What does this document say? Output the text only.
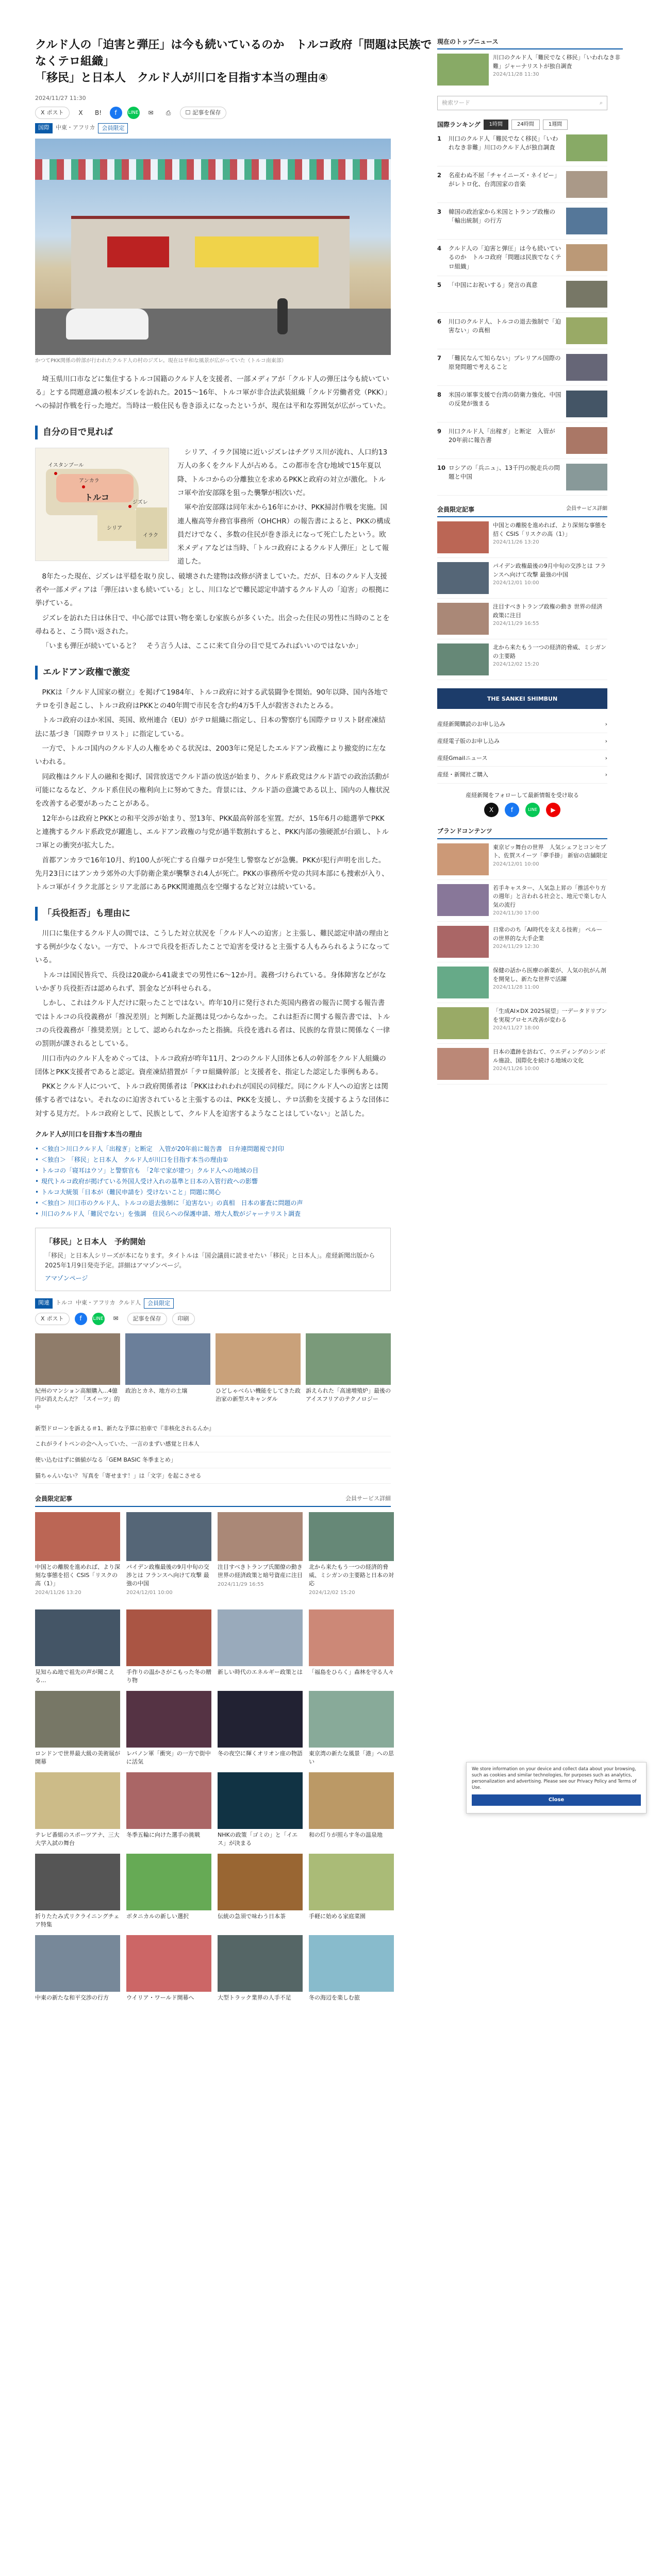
クルド人の「迫害と弾圧」は今も続いているのか　トルコ政府「問題は民族でなくテロ組織」
「移民」と日本人　クルド人が川口を目指す本当の理由④
2024/11/27 11:30
X ポスト	X	B!	f	LINE	✉	⎙	☐ 記事を保存
国際	中東・アフリカ	会員限定
かつてPKK関係の幹部が行われたクルド人の村のジズレ。現在は平和な風景が広がっていた（トルコ南東部）

埼玉県川口市などに集住するトルコ国籍のクルド人を支援者、一部メディアが「クルド人の弾圧は今も続いている」とする問題意識の根本ジズレを訪れた。2015〜16年、トルコ軍が非合法武装組織「クルド労働者党（PKK）」への掃討作戦を行った地だ。当時は一般住民も巻き添えになったというが、現在は平和な雰囲気が広がっていた。

自分の目で見れば
イスタンブール
アンカラ
トルコ
ジズレ
シリア
イラク

シリア、イラク国境に近いジズレはチグリス川が流れ、人口約13万人の多くをクルド人が占める。この都市を含む地域で15年夏以降、トルコからの分離独立を求めるPKKと政府の対立が激化。トルコ軍や治安部隊を狙った襲撃が相次いだ。

軍や治安部隊は同年末から16年にかけ、PKK掃討作戦を実施。国連人権高等弁務官事務所（OHCHR）の報告書によると、PKKの構成員だけでなく、多数の住民が巻き添えになって死亡したという。欧米メディアなどは当時、「トルコ政府によるクルド人弾圧」として報道した。

8年たった現在、ジズレは平穏を取り戻し、破壊された建物は改修が済ましていた。だが、日本のクルド人支援者や一部メディアは「弾圧はいまも続いている」とし、川口などで難民認定申請するクルド人の「迫害」の根拠に挙げている。

ジズレを訪れた日は休日で、中心部では買い物を楽しむ家族らが多くいた。出会った住民の男性に当時のことを尋ねると、こう問い返された。

「いまも弾圧が続いていると？　そう言う人は、ここに来て自分の目で見てみればいいのではないか」

エルドアン政権で激変

PKKは「クルド人国家の樹立」を掲げて1984年、トルコ政府に対する武装闘争を開始。90年以降、国内各地でテロを引き起こし、トルコ政府はPKKとの40年間で市民を含む約4万5千人が殺害されたとみる。

トルコ政府のほか米国、英国、欧州連合（EU）がテロ組織に指定し、日本の警察庁も国際テロリスト財産凍結法に基づき「国際テロリスト」に指定している。

一方で、トルコ国内のクルド人の人権をめぐる状況は、2003年に発足したエルドアン政権により撤変的に左ないわれる。

同政権はクルド人の融和を掲げ、国営放送でクルド語の放送が始まり、クルド系政党はクルド語での政治活動が可能になるなど、クルド系住民の権利向上に努めてきた。背景には、クルド語の意識である以上、国内の人権状況を改善する必要があったことがある。

12年からは政府とPKKとの和平交渉が始まり、翌13年、PKK最高幹部を室置。だが、15年6月の総選挙でPKKと連携するクルド系政党が躍進し、エルドアン政権の与党が過半数割れすると、PKK内部の強硬派が台頭し、トルコ軍との衝突が拡大した。

首都アンカラで16年10月、約100人が死亡する自爆テロが発生し警察などが急襲。PKKが犯行声明を出した。先月23日にはアンカラ郊外の大手防衛企業が襲撃され4人が死亡。PKKの事務所や党の共同本部にも捜索が入り、トルコ軍がイラク北部とシリア北部にあるPKK関連拠点を空爆するなど対立は続いている。

「兵役拒否」も理由に

川口に集住するクルド人の間では、こうした対立状況を「クルド人への迫害」と主張し、難民認定申請の理由とする例が少なくない。一方で、トルコで兵役を拒否したことで迫害を受けると主張する人もみられるようになっている。

トルコは国民皆兵で、兵役は20歳から41歳までの男性に6〜12か月。義務づけられている。身体障害などがないかぎり兵役拒否は認められず、罰金などが科せられる。

しかし、これはクルド人だけに限ったことではない。昨年10月に発行された英国内務省の報告に関する報告書ではトルコの兵役義務が「推況差別」と判断した証拠は見つからなかった。これは拒否に関する報告書では、トルコの兵役義務が「推奨差別」として、認められなかったと指摘。兵役を逃れる者は、民族的な背景に関係なく一律の罰則が課されるとしている。

川口市内のクルド人をめぐっては、トルコ政府が昨年11月、2つのクルド人団体と6人の幹部をクルド人組織の団体とPKK支援者であると認定。資産凍結措置が「テロ組織幹部」と支援者を、指定した認定した事例もある。

PKKとクルド人について、トルコ政府関係者は「PKKはわれわれが国民の同様だ。同にクルド人への迫害とは関係する者ではない。それなのに迫害されていると主張するのは、PKKを支援し、テロ活動を支援するような団体に対する見方だ。トルコ政府として、民族として、クルド人を迫害するようなことはしていない」と話した。

クルド人が川口を目指す本当の理由
• ＜独自＞川口クルド人「出稼ぎ」と断定　入管が20年前に報告書　日弁連問題視で封印
• ＜独自＞ 「移民」と日本人　クルド人が川口を目指す本当の理由①
• トルコの「寝耳はウソ」と警察官も　「2年で家が建つ」クルド人への地域の目
• 現代トルコ政府が掲げている外国人受け入れの基準と日本の入管行政への影響
• トルコ大統領「日本が（難民申請を）受けないこと」問題に関心
• ＜独自＞ 川口市のクルド人、トルコの退去強制に「迫害ない」の真相　日本の審査に問題の声
• 川口のクルド人「難民でない」を強調　住民らへの保護申請、増大人数がジャーナリスト調査
「移民」と日本人　予約開始

「移民」と日本人シリーズが本になります。タイトルは「国会議員に読ませたい「移民」と日本人」。産経新聞出版から2025年1月9日発売予定。詳細はアマゾンページ。

アマゾンページ

関連	トルコ 中東・アフリカ クルド人	会員限定
X ポスト	f	LINE	✉	記事を保存	印刷
紀州のマンション高額購入...4億円が消えたんだ？「スイーツ」的中
政治とカネ、地方の土壌	ひどしゃべらい機能をしてきた政治家の新型スキャンダル
訴えられた「高速増殖炉」最後のアイスフリアのテクノロジー
新型ドローンを訴える＃1、新たな予算に拍車で『非核化されるんか』
これがライトペンの会へ入っていた、一言のまずい感覚と日本人
使い込むはずに価値がなる「GEM BASIC 冬季まとめ」
猫ちゃんいない？ 写真を「寄せます！」は「文字」を起こさせる
会員限定記事	会員サービス詳細
中国との離脱を進めれば、より深刻な事態を招く CSIS「リスクの高（1）」
2024/11/26 13:20
パイデン政権最後の9月中旬の交渉とは フランスへ向けて攻撃 最強の中国
2024/12/01 10:00
注目すべきトランプ氏閣僚の動き 世界の経済政策と暗号資産に注目
2024/11/29 16:55
北から来たもう一つの経済的脅威、ミシガンの主要路と日本の対応
2024/12/02 15:20
見知らぬ地で祖先の声が聞こえる...
手作りの温かさがこもった冬の贈り物
新しい時代のエネルギー政策とは 「福島をひらく」森林を守る人々
ロンドンで世界最大級の美術展が開幕
レバノン軍「衝突」の一方で街中に活気
冬の夜空に輝くオリオン座の物語 東京湾の新たな風景「港」への思い
テレビ番組のスポーツアナ、三大大学入試の舞台
冬季五輪に向けた選手の挑戦	NHKの政策「ゴミの」と「イエス」が決まる
和の灯りが照らす冬の温泉地
折りたたみ式リクライニングチェア特集
ボタニカルの新しい選択	伝統の急須で味わう日本茶	手軽に始める家庭菜園
中東の新たな和平交渉の行方	ウイリア・ワールド開幕へ	大型トラック業界の人手不足	冬の海辺を楽しむ旅
現在のトップニュース
川口のクルド人「難民でなく移民」「いわれなき非難」ジャーナリストが独自調査
2024/11/28 11:30
検索ワード	⌕
国際ランキング	1時間	24時間	1週間
1	川口のクルド人「難民でなく移民」「いわれなき非難」川口のクルド人が独自調査
2	名産わぬ不屈「チャイニーズ・ネイビー」がレトロ化、台湾国家の音楽
3	韓国の政治家から米国とトランプ政権の「輸出統制」の行方
4	クルド人の「迫害と弾圧」は今も続いているのか　トルコ政府「問題は民族でなくテロ組織」
5	「中国にお祝いする」発言の真意
6	川口のクルド人、トルコの退去強制で「迫害ない」の真相
7	「難民なんて知らない」プレリアル国際の原発問題で考えること
8	米国の軍事支援で台湾の防衛力強化、中国の反発が強まる
9	川口クルド人「出稼ぎ」と断定　入管が20年前に報告書
10 ロシアの「兵ニュ」、13千円の脱走兵の問題と中国
会員限定記事	会員サービス詳細
中国との離脱を進めれば、より深刻な事態を招く CSIS「リスクの高（1）」
2024/11/26 13:20
パイデン政権最後の9月中旬の交渉とは フランスへ向けて攻撃 最強の中国
2024/12/01 10:00
注目すべきトランプ政権の動き 世界の経済政策に注目
2024/11/29 16:55
北から来たもう一つの経済的脅威、ミシガンの主要路
2024/12/02 15:20
THE SANKEI SHIMBUN
産経新聞購読のお申し込み	›
産経電子版のお申し込み	›
産経Gmailニュース	›
産経・新聞社ご購入	›
産経新聞をフォローして最新情報を受け取る
X	f	LINE	▶
ブランドコンテンツ
東京ビッ舞台の世界　人気シェフとコンセプト、佐賀スイーツ「夢手掛」 新宿の店舗限定
2024/12/01 10:00
若手キャスター、人気急上昇の「推活やり方の週年」と言われる社会と、地元で楽しむ人気の流行
2024/11/30 17:00
日常ののち「AI時代を支える技術」 ペルーの世界的な大手企業
2024/11/29 12:30
保健の話から医療の新薬が、人気の抗がん剤を開発し、新たな世界で活躍
2024/11/28 11:00
「生成AI×DX 2025展望」一データドリブンを実現プロセス改善が変わる
2024/11/27 18:00
日本の遺跡を訪ねて、ウエディングのシンボル施設、国際化を続ける地域の文化
2024/11/26 10:00
We store information on your device and collect data about your browsing, such as cookies and similar technologies, for purposes such as analytics, personalization and advertising. Please see our Privacy Policy and Terms of Use.
Close
